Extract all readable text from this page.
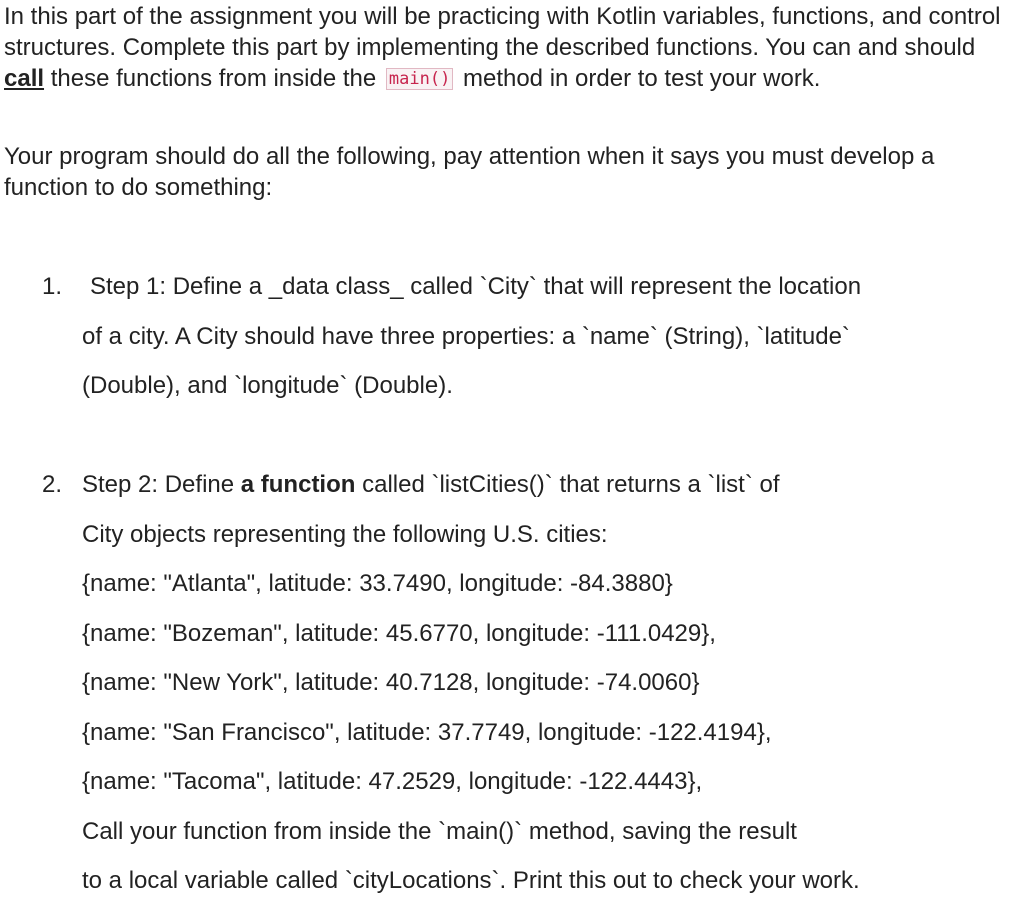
In this part of the assignment you will be practicing with Kotlin variables, functions, and control structures. Complete this part by implementing the described functions. You can and should call these functions from inside the main() method in order to test your work.

Your program should do all the following, pay attention when it says you must develop a function to do something:

1.	Step 1: Define a _data class_ called `City` that will represent the location

of a city. A City should have three properties: a `name` (String), `latitude`

(Double), and `longitude` (Double).

2. Step 2: Define a function called `listCities()` that returns a `list` of

City objects representing the following U.S. cities:

{name: "Atlanta", latitude: 33.7490, longitude: -84.3880}

{name: "Bozeman", latitude: 45.6770, longitude: -111.0429},

{name: "New York", latitude: 40.7128, longitude: -74.0060}

{name: "San Francisco", latitude: 37.7749, longitude: -122.4194},

{name: "Tacoma", latitude: 47.2529, longitude: -122.4443},

Call your function from inside the `main()` method, saving the result

to a local variable called `cityLocations`. Print this out to check your work.
